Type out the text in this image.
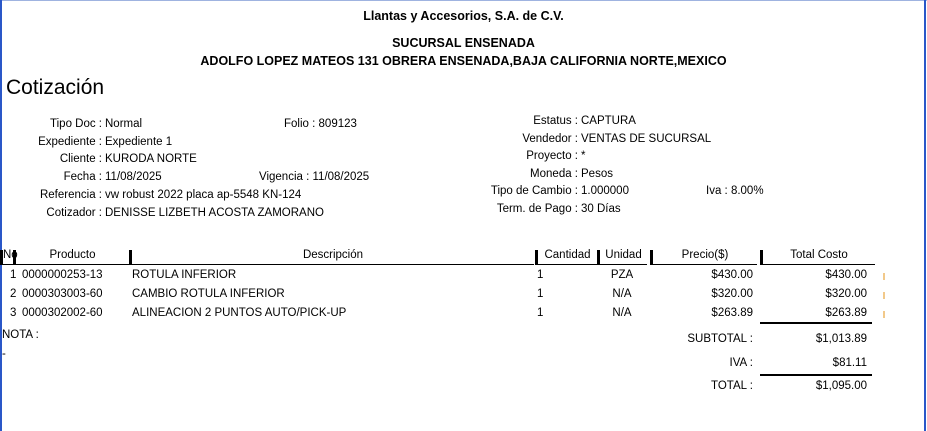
Llantas y Accesorios, S.A. de C.V.
SUCURSAL ENSENADA
ADOLFO LOPEZ MATEOS 131 OBRERA ENSENADA,BAJA CALIFORNIA NORTE,MEXICO
Cotización
Tipo Doc : Normal
Expediente : Expediente 1
Cliente : KURODA NORTE
Fecha : 11/08/2025
Referencia : vw robust 2022 placa ap-5548 KN-124
Cotizador : DENISSE LIZBETH ACOSTA ZAMORANO
Folio : 809123
Vigencia : 11/08/2025
Estatus : CAPTURA
Vendedor : VENTAS DE SUCURSAL
Proyecto : *
Moneda : Pesos
Tipo de Cambio : 1.000000
Term. de Pago : 30 Días
Iva : 8.00%
No	Producto	Descripción	Cantidad	Unidad	Precio($)	Total Costo
1 0000000253-13	ROTULA INFERIOR	1	PZA	$430.00	$430.00
2 0000303003-60	CAMBIO ROTULA INFERIOR	1	N/A	$320.00	$320.00
3 0000302002-60	ALINEACION 2 PUNTOS AUTO/PICK-UP	1	N/A	$263.89	$263.89
NOTA :
-
SUBTOTAL :	$1,013.89
IVA :	$81.11
TOTAL :	$1,095.00
